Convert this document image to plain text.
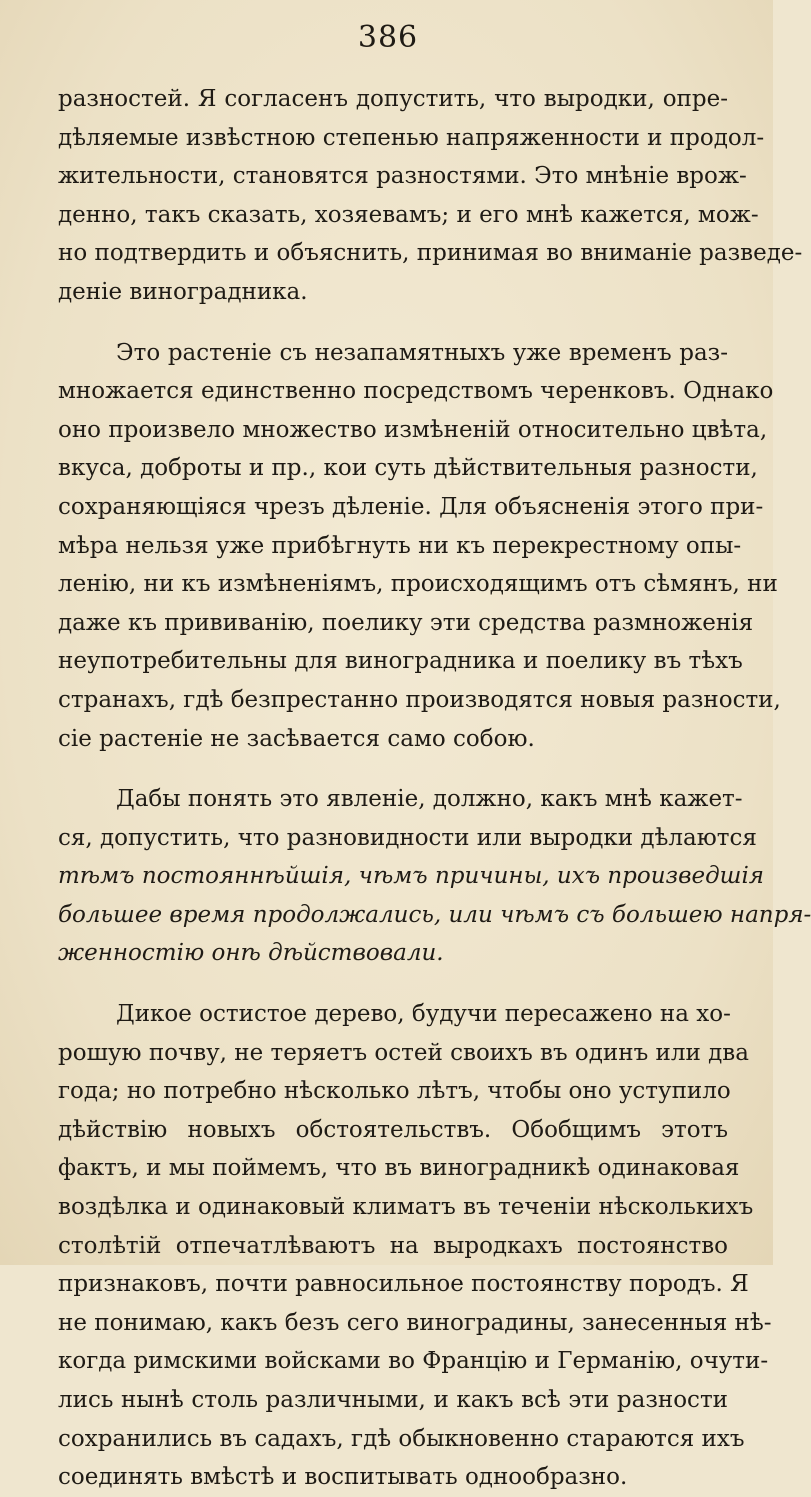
386
разностей. Я согласенъ допустить, что выродки, опре-
дѣляемые извѣстною степенью напряженности и продол-
жительности, становятся разностями. Это мнѣніе врож-
денно, такъ сказать, хозяевамъ; и его мнѣ кажется, мож-
но подтвердить и объяснить, принимая во вниманіе разведе-
деніе виноградника.
Это растеніе съ незапамятныхъ уже временъ раз-
множается единственно посредствомъ черенковъ. Однако
оно произвело множество измѣненій относительно цвѣта,
вкуса, доброты и пр., кои суть дѣйствительныя разности,
сохраняющіяся чрезъ дѣленіе. Для объясненія этого при-
мѣра нельзя уже прибѣгнуть ни къ перекрестному опы-
ленію, ни къ измѣненіямъ, происходящимъ отъ сѣмянъ, ни
даже къ прививанію, поелику эти средства размноженія
неупотребительны для виноградника и поелику въ тѣхъ
странахъ, гдѣ безпрестанно производятся новыя разности,
сіе растеніе не засѣвается само собою.
Дабы понять это явленіе, должно, какъ мнѣ кажет-
ся, допустить, что разновидности или выродки дѣлаются
тѣмъ постояннѣйшія, чѣмъ причины, ихъ произведшія
большее время продолжались, или чѣмъ съ большею напря-
женностію онѣ дѣйствовали.
Дикое остистое дерево, будучи пересажено на хо-
рошую почву, не теряетъ остей своихъ въ одинъ или два
года; но потребно нѣсколько лѣтъ, чтобы оно уступило
дѣйствію новыхъ обстоятельствъ. Обобщимъ этотъ
фактъ, и мы поймемъ, что въ виноградникѣ одинаковая
воздѣлка и одинаковый климатъ въ теченіи нѣсколькихъ
столѣтій отпечатлѣваютъ на выродкахъ постоянство
признаковъ, почти равносильное постоянству породъ. Я
не понимаю, какъ безъ сего виноградины, занесенныя нѣ-
когда римскими войсками во Францію и Германію, очути-
лись нынѣ столь различными, и какъ всѣ эти разности
сохранились въ садахъ, гдѣ обыкновенно стараются ихъ
соединять вмѣстѣ и воспитывать однообразно.
